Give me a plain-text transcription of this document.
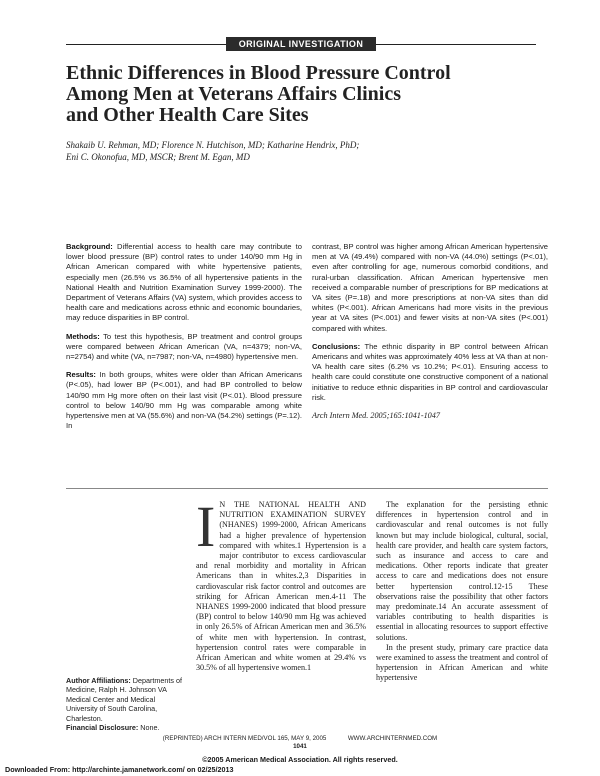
ORIGINAL INVESTIGATION
Ethnic Differences in Blood Pressure Control
Among Men at Veterans Affairs Clinics
and Other Health Care Sites
Shakaib U. Rehman, MD; Florence N. Hutchison, MD; Katharine Hendrix, PhD;
Eni C. Okonofua, MD, MSCR; Brent M. Egan, MD

Background: Differential access to health care may contribute to lower blood pressure (BP) control rates to under 140/90 mm Hg in African American compared with white hypertensive patients, especially men (26.5% vs 36.5% of all hypertensive patients in the National Health and Nutrition Examination Survey 1999-2000). The Department of Veterans Affairs (VA) system, which provides access to health care and medications across ethnic and economic boundaries, may reduce disparities in BP control.

Methods: To test this hypothesis, BP treatment and control groups were compared between African American (VA, n=4379; non-VA, n=2754) and white (VA, n=7987; non-VA, n=4980) hypertensive men.

Results: In both groups, whites were older than African Americans (P<.05), had lower BP (P<.001), and had BP controlled to below 140/90 mm Hg more often on their last visit (P<.01). Blood pressure control to below 140/90 mm Hg was comparable among white hypertensive men at VA (55.6%) and non-VA (54.2%) settings (P=.12). In

contrast, BP control was higher among African American hypertensive men at VA (49.4%) compared with non-VA (44.0%) settings (P<.01), even after controlling for age, numerous comorbid conditions, and rural-urban classification. African American hypertensive men received a comparable number of prescriptions for BP medications at VA sites (P=.18) and more prescriptions at non-VA sites than did whites (P<.001). African Americans had more visits in the previous year at VA sites (P<.001) and fewer visits at non-VA sites (P<.001) compared with whites.

Conclusions: The ethnic disparity in BP control between African Americans and whites was approximately 40% less at VA than at non-VA health care sites (6.2% vs 10.2%; P<.01). Ensuring access to health care could constitute one constructive component of a national initiative to reduce ethnic disparities in BP control and cardiovascular risk.

Arch Intern Med. 2005;165:1041-1047

Author Affiliations: Departments of Medicine, Ralph H. Johnson VA Medical Center and Medical University of South Carolina, Charleston.
Financial Disclosure: None.

I N THE NATIONAL HEALTH AND NUTRITION EXAMINATION SURVEY (NHANES) 1999-2000, African Americans had a higher prevalence of hypertension compared with whites.1 Hypertension is a major contributor to excess cardiovascular and renal morbidity and mortality in African Americans than in whites.2,3 Disparities in cardiovascular risk factor control and outcomes are striking for African American men.4-11 The NHANES 1999-2000 indicated that blood pressure (BP) control to below 140/90 mm Hg was achieved in only 26.5% of African American men and 36.5% of white men with hypertension. In contrast, hypertension control rates were comparable in African American and white women at 29.4% vs 30.5% of all hypertensive women.1

The explanation for the persisting ethnic differences in hypertension control and in cardiovascular and renal outcomes is not fully known but may include biological, cultural, social, health care provider, and health care system factors, such as insurance and access to care and medications. Other reports indicate that greater access to care and medications does not ensure better hypertension control.12-15 These observations raise the possibility that other factors may predominate.14 An accurate assessment of variables contributing to health disparities is essential in allocating resources to support effective solutions.

In the present study, primary care practice data were examined to assess the treatment and control of hypertension in African American and white hypertensive

(REPRINTED) ARCH INTERN MED/VOL 165, MAY 9, 2005	WWW.ARCHINTERNMED.COM
1041
©2005 American Medical Association. All rights reserved.
Downloaded From: http://archinte.jamanetwork.com/ on 02/25/2013
